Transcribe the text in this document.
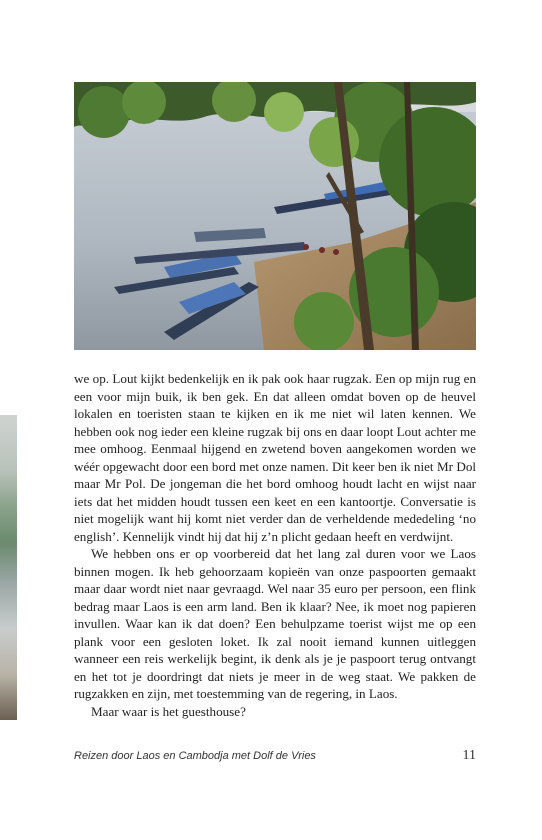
we op. Lout kijkt bedenkelijk en ik pak ook haar rugzak. Een op mijn rug en een voor mijn buik, ik ben gek. En dat alleen omdat boven op de heuvel lokalen en toeristen staan te kijken en ik me niet wil laten kennen. We hebben ook nog ieder een kleine rugzak bij ons en daar loopt Lout achter me mee omhoog. Eenmaal hijgend en zwetend boven aangekomen worden we wéér opgewacht door een bord met onze namen. Dit keer ben ik niet Mr Dol maar Mr Pol. De jongeman die het bord omhoog houdt lacht en wijst naar iets dat het midden houdt tussen een keet en een kantoortje. Conversatie is niet mogelijk want hij komt niet verder dan de verheldende mededeling ‘no english’. Kennelijk vindt hij dat hij z’n plicht gedaan heeft en verdwijnt.

We hebben ons er op voorbereid dat het lang zal duren voor we Laos binnen mogen. Ik heb gehoorzaam kopieën van onze paspoorten gemaakt maar daar wordt niet naar gevraagd. Wel naar 35 euro per persoon, een flink bedrag maar Laos is een arm land. Ben ik klaar? Nee, ik moet nog papieren invullen. Waar kan ik dat doen? Een behulpzame toerist wijst me op een plank voor een gesloten loket. Ik zal nooit iemand kunnen uitleggen wanneer een reis werkelijk begint, ik denk als je je paspoort terug ontvangt en het tot je doordringt dat niets je meer in de weg staat. We pakken de rugzakken en zijn, met toestemming van de regering, in Laos.

Maar waar is het guesthouse?

Reizen door Laos en Cambodja met Dolf de Vries	11
